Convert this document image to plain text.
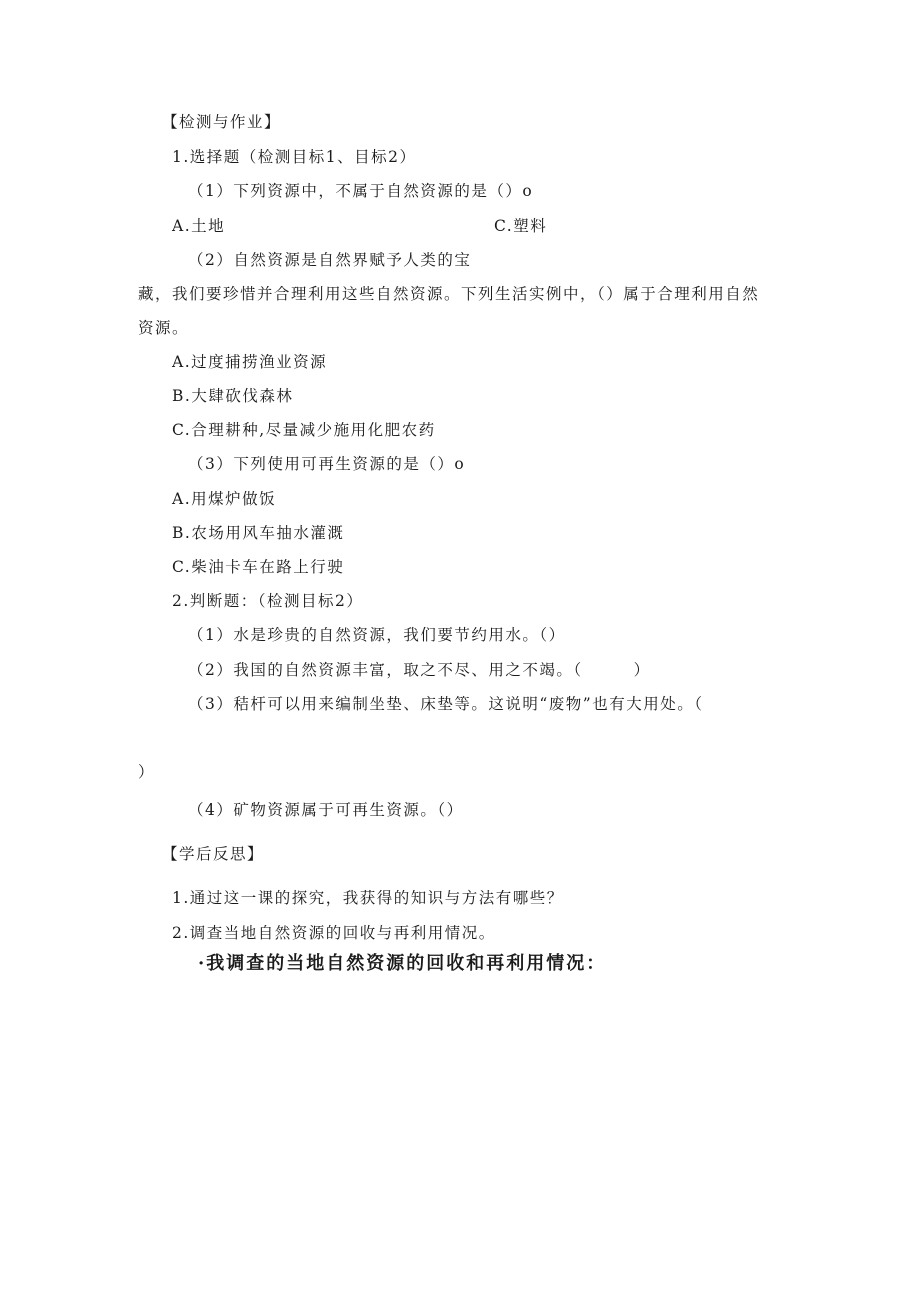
【检测与作业】
1.选择题（检测目标1、目标2）
（1）下列资源中，不属于自然资源的是（）o
A.土地	C.塑料
（2）自然资源是自然界赋予人类的宝
藏，我们要珍惜并合理利用这些自然资源。下列生活实例中，（）属于合理利用自然
资源。
A.过度捕捞渔业资源
B.大肆砍伐森林
C.合理耕种,尽量减少施用化肥农药
（3）下列使用可再生资源的是（）o
A.用煤炉做饭
B.农场用风车抽水灌溉
C.柴油卡车在路上行驶
2.判断题：（检测目标2）
（1）水是珍贵的自然资源，我们要节约用水。（）
（2）我国的自然资源丰富，取之不尽、用之不竭。（　　　）
（3）秸杆可以用来编制坐垫、床垫等。这说明“废物”也有大用处。（
）
（4）矿物资源属于可再生资源。（）
【学后反思】
1.通过这一课的探究，我获得的知识与方法有哪些？
2.调查当地自然资源的回收与再利用情况。
·我调查的当地自然资源的回收和再利用情况：
